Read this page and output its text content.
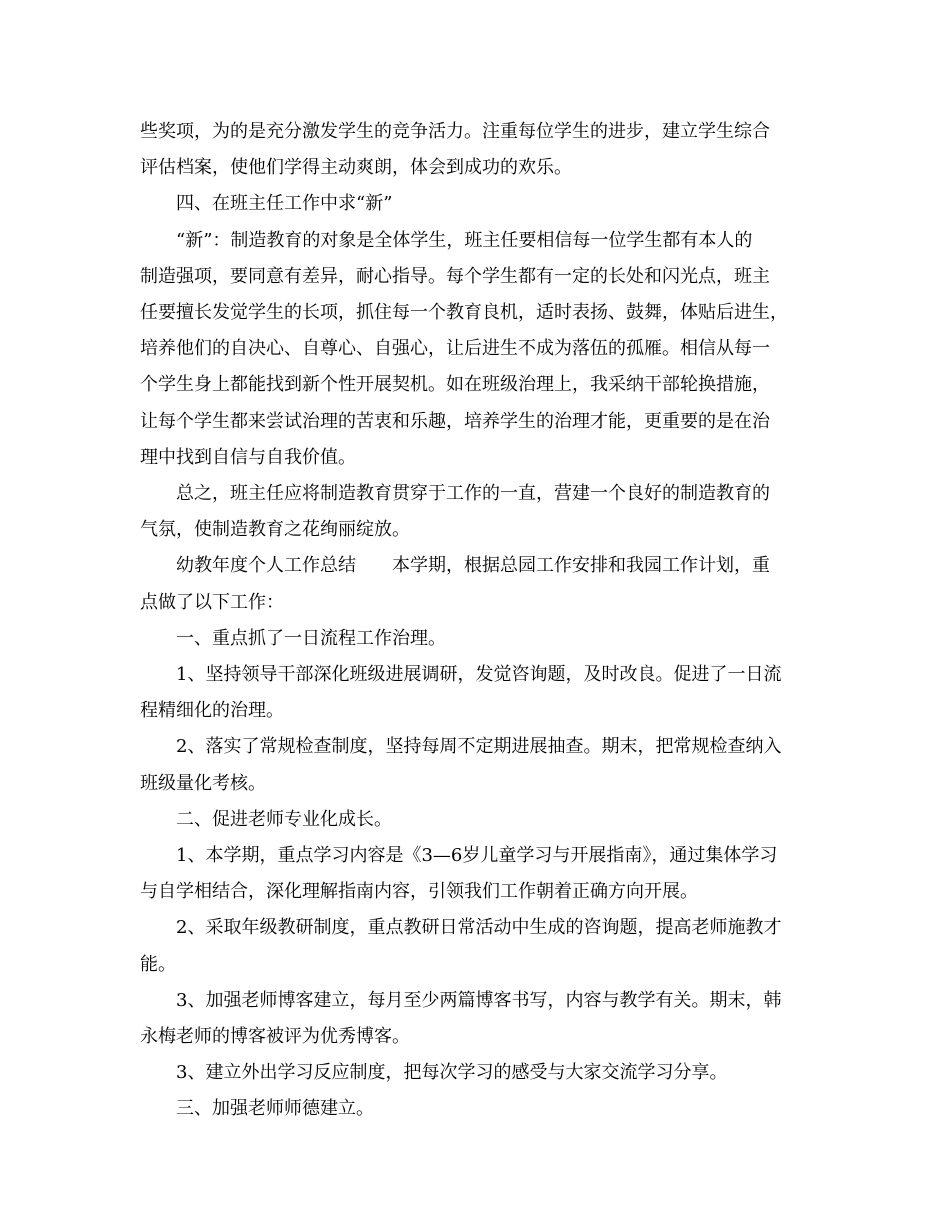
些奖项，为的是充分激发学生的竞争活力。注重每位学生的进步，建立学生综合
评估档案，使他们学得主动爽朗，体会到成功的欢乐。
四、在班主任工作中求“新”
“新”：制造教育的对象是全体学生，班主任要相信每一位学生都有本人的
制造强项，要同意有差异，耐心指导。每个学生都有一定的长处和闪光点，班主
任要擅长发觉学生的长项，抓住每一个教育良机，适时表扬、鼓舞，体贴后进生，
培养他们的自决心、自尊心、自强心，让后进生不成为落伍的孤雁。相信从每一
个学生身上都能找到新个性开展契机。如在班级治理上，我采纳干部轮换措施，
让每个学生都来尝试治理的苦衷和乐趣，培养学生的治理才能，更重要的是在治
理中找到自信与自我价值。
总之，班主任应将制造教育贯穿于工作的一直，营建一个良好的制造教育的
气氛，使制造教育之花绚丽绽放。
幼教年度个人工作总结　　本学期，根据总园工作安排和我园工作计划，重
点做了以下工作：
一、重点抓了一日流程工作治理。
1、坚持领导干部深化班级进展调研，发觉咨询题，及时改良。促进了一日流
程精细化的治理。
2、落实了常规检查制度，坚持每周不定期进展抽查。期末，把常规检查纳入
班级量化考核。
二、促进老师专业化成长。
1、本学期，重点学习内容是《3—6岁儿童学习与开展指南》，通过集体学习
与自学相结合，深化理解指南内容，引领我们工作朝着正确方向开展。
2、采取年级教研制度，重点教研日常活动中生成的咨询题，提高老师施教才
能。
3、加强老师博客建立，每月至少两篇博客书写，内容与教学有关。期末，韩
永梅老师的博客被评为优秀博客。
3、建立外出学习反应制度，把每次学习的感受与大家交流学习分享。
三、加强老师师德建立。
